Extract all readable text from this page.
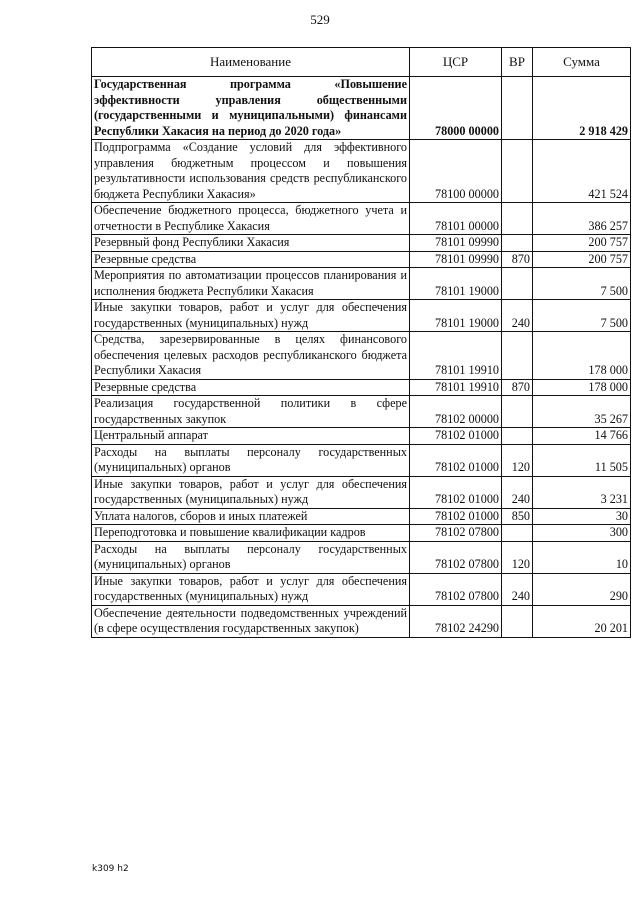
529
Наименование	ЦСР	ВР	Сумма
Государственная программа «Повышение эффективности управления общественными (государственными и муниципальными) финансами Республики Хакасия на период до 2020 года»	78000 00000		2 918 429
Подпрограмма «Создание условий для эффективного управления бюджетным процессом и повышения результативности использования средств республиканского бюджета Республики Хакасия»	78100 00000		421 524
Обеспечение бюджетного процесса, бюджетного учета и отчетности в Республике Хакасия	78101 00000		386 257
Резервный фонд Республики Хакасия	78101 09990		200 757
Резервные средства	78101 09990	870	200 757
Мероприятия по автоматизации процессов планирования и исполнения бюджета Республики Хакасия	78101 19000		7 500
Иные закупки товаров, работ и услуг для обеспечения государственных (муниципальных) нужд	78101 19000	240	7 500
Средства, зарезервированные в целях финансового обеспечения целевых расходов республиканского бюджета Республики Хакасия	78101 19910		178 000
Резервные средства	78101 19910	870	178 000
Реализация государственной политики в сфере государственных закупок	78102 00000		35 267
Центральный аппарат	78102 01000		14 766
Расходы на выплаты персоналу государственных (муниципальных) органов	78102 01000	120	11 505
Иные закупки товаров, работ и услуг для обеспечения государственных (муниципальных) нужд	78102 01000	240	3 231
Уплата налогов, сборов и иных платежей	78102 01000	850	30
Переподготовка и повышение квалификации кадров	78102 07800		300
Расходы на выплаты персоналу государственных (муниципальных) органов	78102 07800	120	10
Иные закупки товаров, работ и услуг для обеспечения государственных (муниципальных) нужд	78102 07800	240	290
Обеспечение деятельности подведомственных учреждений (в сфере осуществления государственных закупок)	78102 24290		20 201
k309 h2
